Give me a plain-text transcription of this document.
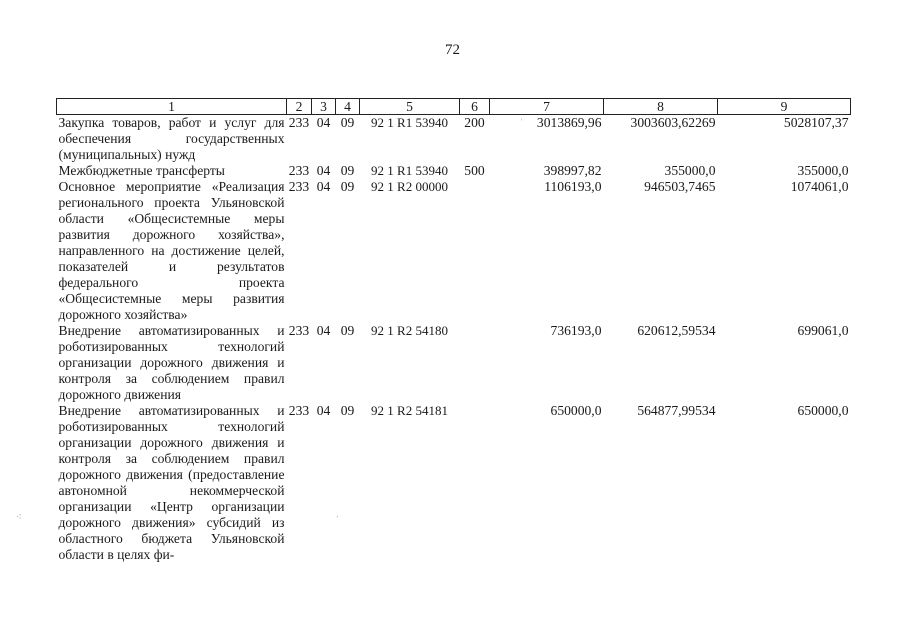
72
1	2	3	4	5	6	7	8	9
Закупка товаров, работ и услуг для обеспечения государственных (муниципальных) нужд	233	04	09	92 1 R1 53940	200	3013869,96	3003603,62269	5028107,37
Межбюджетные трансферты	233	04	09	92 1 R1 53940	500	398997,82	355000,0	355000,0
Основное мероприятие «Реализация регионального проекта Ульяновской области «Общесистемные меры развития дорожного хозяйства», направленного на достижение целей, показателей и результатов федерального проекта «Общесистемные меры развития дорожного хозяйства»	233	04	09	92 1 R2 00000		1106193,0	946503,7465	1074061,0
Внедрение автоматизированных и роботизированных технологий организации дорожного движения и контроля за соблюдением правил дорожного движения	233	04	09	92 1 R2 54180		736193,0	620612,59534	699061,0
Внедрение автоматизированных и роботизированных технологий организации дорожного движения и контроля за соблюдением правил дорожного движения (предоставление автономной некоммерческой организации «Центр организации дорожного движения» субсидий из областного бюджета Ульяновской области в целях фи-	233	04	09	92 1 R2 54181		650000,0	564877,99534	650000,0
ˈ
⁖	ˈ
